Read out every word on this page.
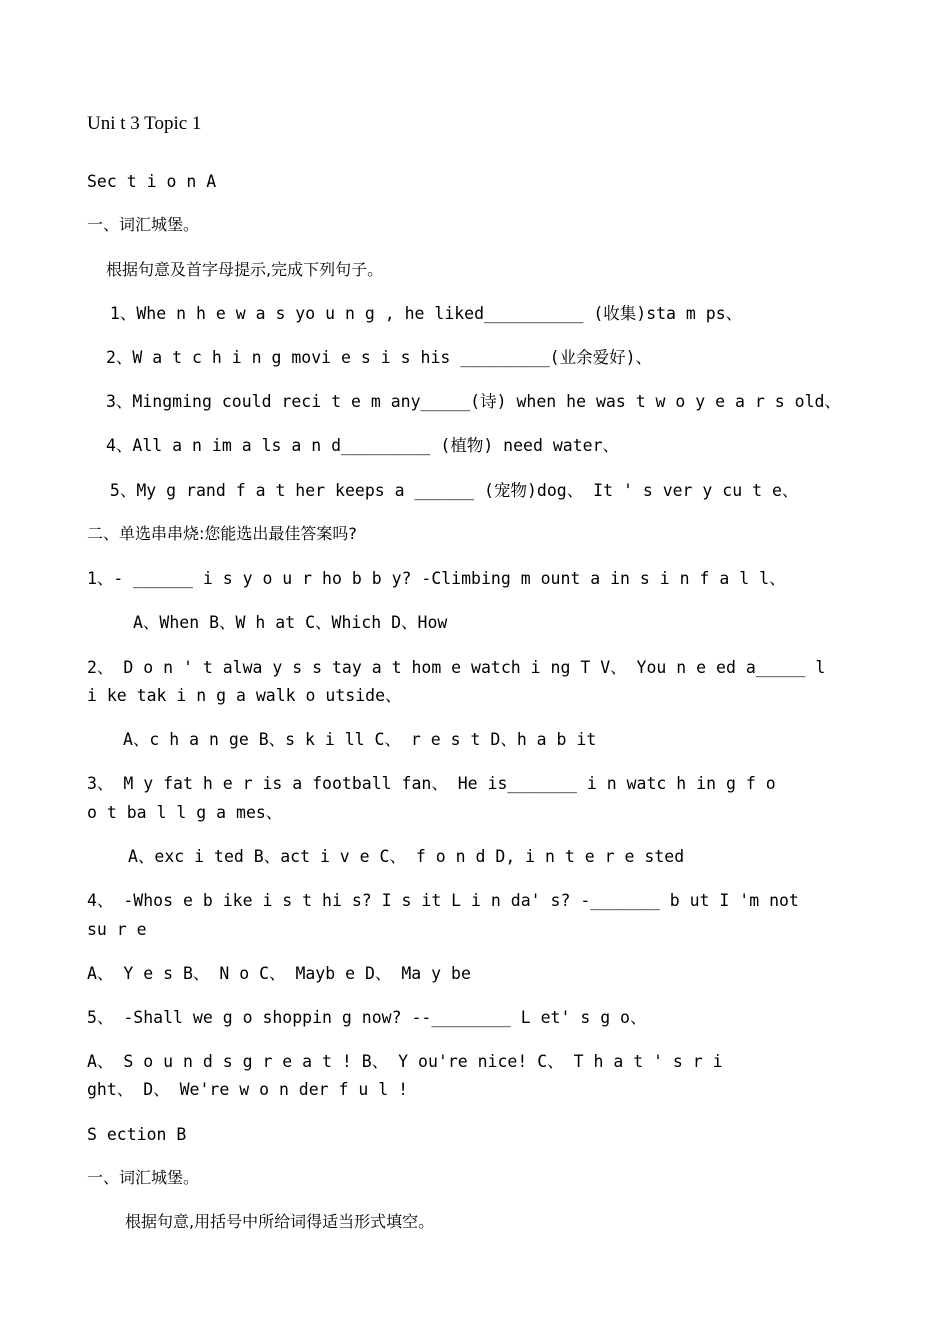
Uni t 3 Topic 1

Sec t i o n A

一、词汇城堡。

根据句意及首字母提示,完成下列句子。

1、Whe n h e w a s yo u n g , he liked__________ (收集)sta m ps、

2、W a t c h i n g movi e s i s his _________(业余爱好)、

3、Mingming could reci t e m any_____(诗) when he was t w o y e a r s old、

4、All a n im a ls a n d_________ (植物) need water、

5、My g rand f a t her keeps a ______ (宠物)dog、 It ' s ver y cu t e、

二、单选串串烧:您能选出最佳答案吗?

1、- ______ i s y o u r ho b b y? -Climbing m ount a in s i n f a l l、

A、When B、W h at C、Which D、How

2、 D o n ' t alwa y s s tay a t hom e watch i ng T V、 You n e ed a_____ l

i ke tak i n g a walk o utside、

A、c h a n ge B、s k i ll C、 r e s t D、h a b it

3、 M y fat h e r is a football fan、 He is_______ i n watc h in g f o

o t ba l l g a mes、

A、exc i ted B、act i v e C、 f o n d D, i n t e r e sted

4、 -Whos e b ike i s t hi s? I s it L i n da' s? -_______ b ut I 'm not

su r e

A、 Y e s B、 N o C、 Mayb e D、 Ma y be

5、 -Shall we g o shoppin g now? --________ L et' s g o、

A、 S o u n d s g r e a t ! B、 Y ou're nice! C、 T h a t ' s r i

ght、 D、 We're w o n der f u l !

S ection B

一、词汇城堡。

根据句意,用括号中所给词得适当形式填空。
